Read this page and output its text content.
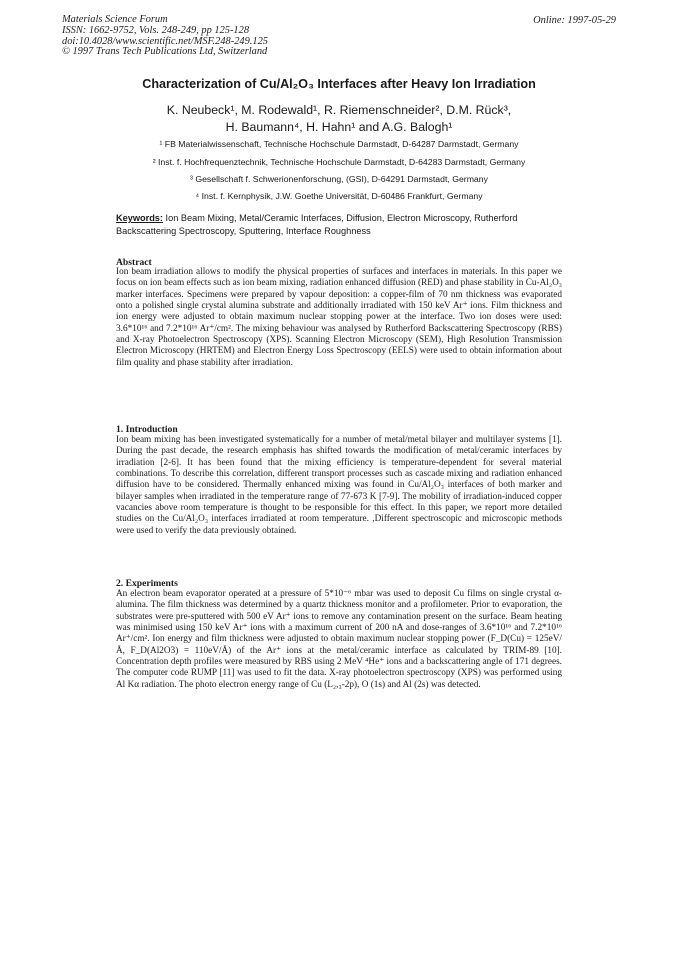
Materials Science Forum
ISSN: 1662-9752, Vols. 248-249, pp 125-128
doi:10.4028/www.scientific.net/MSF.248-249.125
© 1997 Trans Tech Publications Ltd, Switzerland
Online: 1997-05-29
Characterization of Cu/Al₂O₃ Interfaces after Heavy Ion Irradiation
K. Neubeck¹, M. Rodewald¹, R. Riemenschneider², D.M. Rück³,
H. Baumann⁴, H. Hahn¹ and A.G. Balogh¹
¹ FB Materialwissenschaft, Technische Hochschule Darmstadt, D-64287 Darmstadt, Germany
² Inst. f. Hochfrequenztechnik, Technische Hochschule Darmstadt, D-64283 Darmstadt, Germany
³ Gesellschaft f. Schwerionenforschung, (GSI), D-64291 Darmstadt, Germany
⁴ Inst. f. Kernphysik, J.W. Goethe Universität, D-60486 Frankfurt, Germany
Keywords: Ion Beam Mixing, Metal/Ceramic Interfaces, Diffusion, Electron Microscopy, Rutherford Backscattering Spectroscopy, Sputtering, Interface Roughness
Abstract
Ion beam irradiation allows to modify the physical properties of surfaces and interfaces in materials. In this paper we focus on ion beam effects such as ion beam mixing, radiation enhanced diffusion (RED) and phase stability in Cu-Al₂O₃ marker interfaces. Specimens were prepared by vapour deposition: a copper-film of 70 nm thickness was evaporated onto a polished single crystal alumina substrate and additionally irradiated with 150 keV Ar⁺ ions. Film thickness and ion energy were adjusted to obtain maximum nuclear stopping power at the interface. Two ion doses were used: 3.6*10¹⁶ and 7.2*10¹⁶ Ar⁺/cm². The mixing behaviour was analysed by Rutherford Backscattering Spectroscopy (RBS) and X-ray Photoelectron Spectroscopy (XPS). Scanning Electron Microscopy (SEM), High Resolution Transmission Electron Microscopy (HRTEM) and Electron Energy Loss Spectroscopy (EELS) were used to obtain information about film quality and phase stability after irradiation.
1. Introduction
Ion beam mixing has been investigated systematically for a number of metal/metal bilayer and multilayer systems [1]. During the past decade, the research emphasis has shifted towards the modification of metal/ceramic interfaces by irradiation [2-6]. It has been found that the mixing efficiency is temperature-dependent for several material combinations. To describe this correlation, different transport processes such as cascade mixing and radiation enhanced diffusion have to be considered. Thermally enhanced mixing was found in Cu/Al₂O₃ interfaces of both marker and bilayer samples when irradiated in the temperature range of 77-673 K [7-9]. The mobility of irradiation-induced copper vacancies above room temperature is thought to be responsible for this effect. In this paper, we report more detailed studies on the Cu/Al₂O₃ interfaces irradiated at room temperature. ,Different spectroscopic and microscopic methods were used to verify the data previously obtained.
2. Experiments
An electron beam evaporator operated at a pressure of 5*10⁻⁶ mbar was used to deposit Cu films on single crystal α-alumina. The film thickness was determined by a quartz thickness monitor and a profilometer. Prior to evaporation, the substrates were pre-sputtered with 500 eV Ar⁺ ions to remove any contamination present on the surface. Beam heating was minimised using 150 keV Ar⁺ ions with a maximum current of 200 nA and dose-ranges of 3.6*10¹⁶ and 7.2*10¹⁶ Ar⁺/cm². Ion energy and film thickness were adjusted to obtain maximum nuclear stopping power (F_D(Cu) = 125eV/Å, F_D(Al2O3) = 110eV/Å) of the Ar⁺ ions at the metal/ceramic interface as calculated by TRIM-89 [10]. Concentration depth profiles were measured by RBS using 2 MeV ⁴He⁺ ions and a backscattering angle of 171 degrees. The computer code RUMP [11] was used to fit the data. X-ray photoelectron spectroscopy (XPS) was performed using Al Kα radiation. The photo electron energy range of Cu (L₂,₃-2p), O (1s) and Al (2s) was detected.
